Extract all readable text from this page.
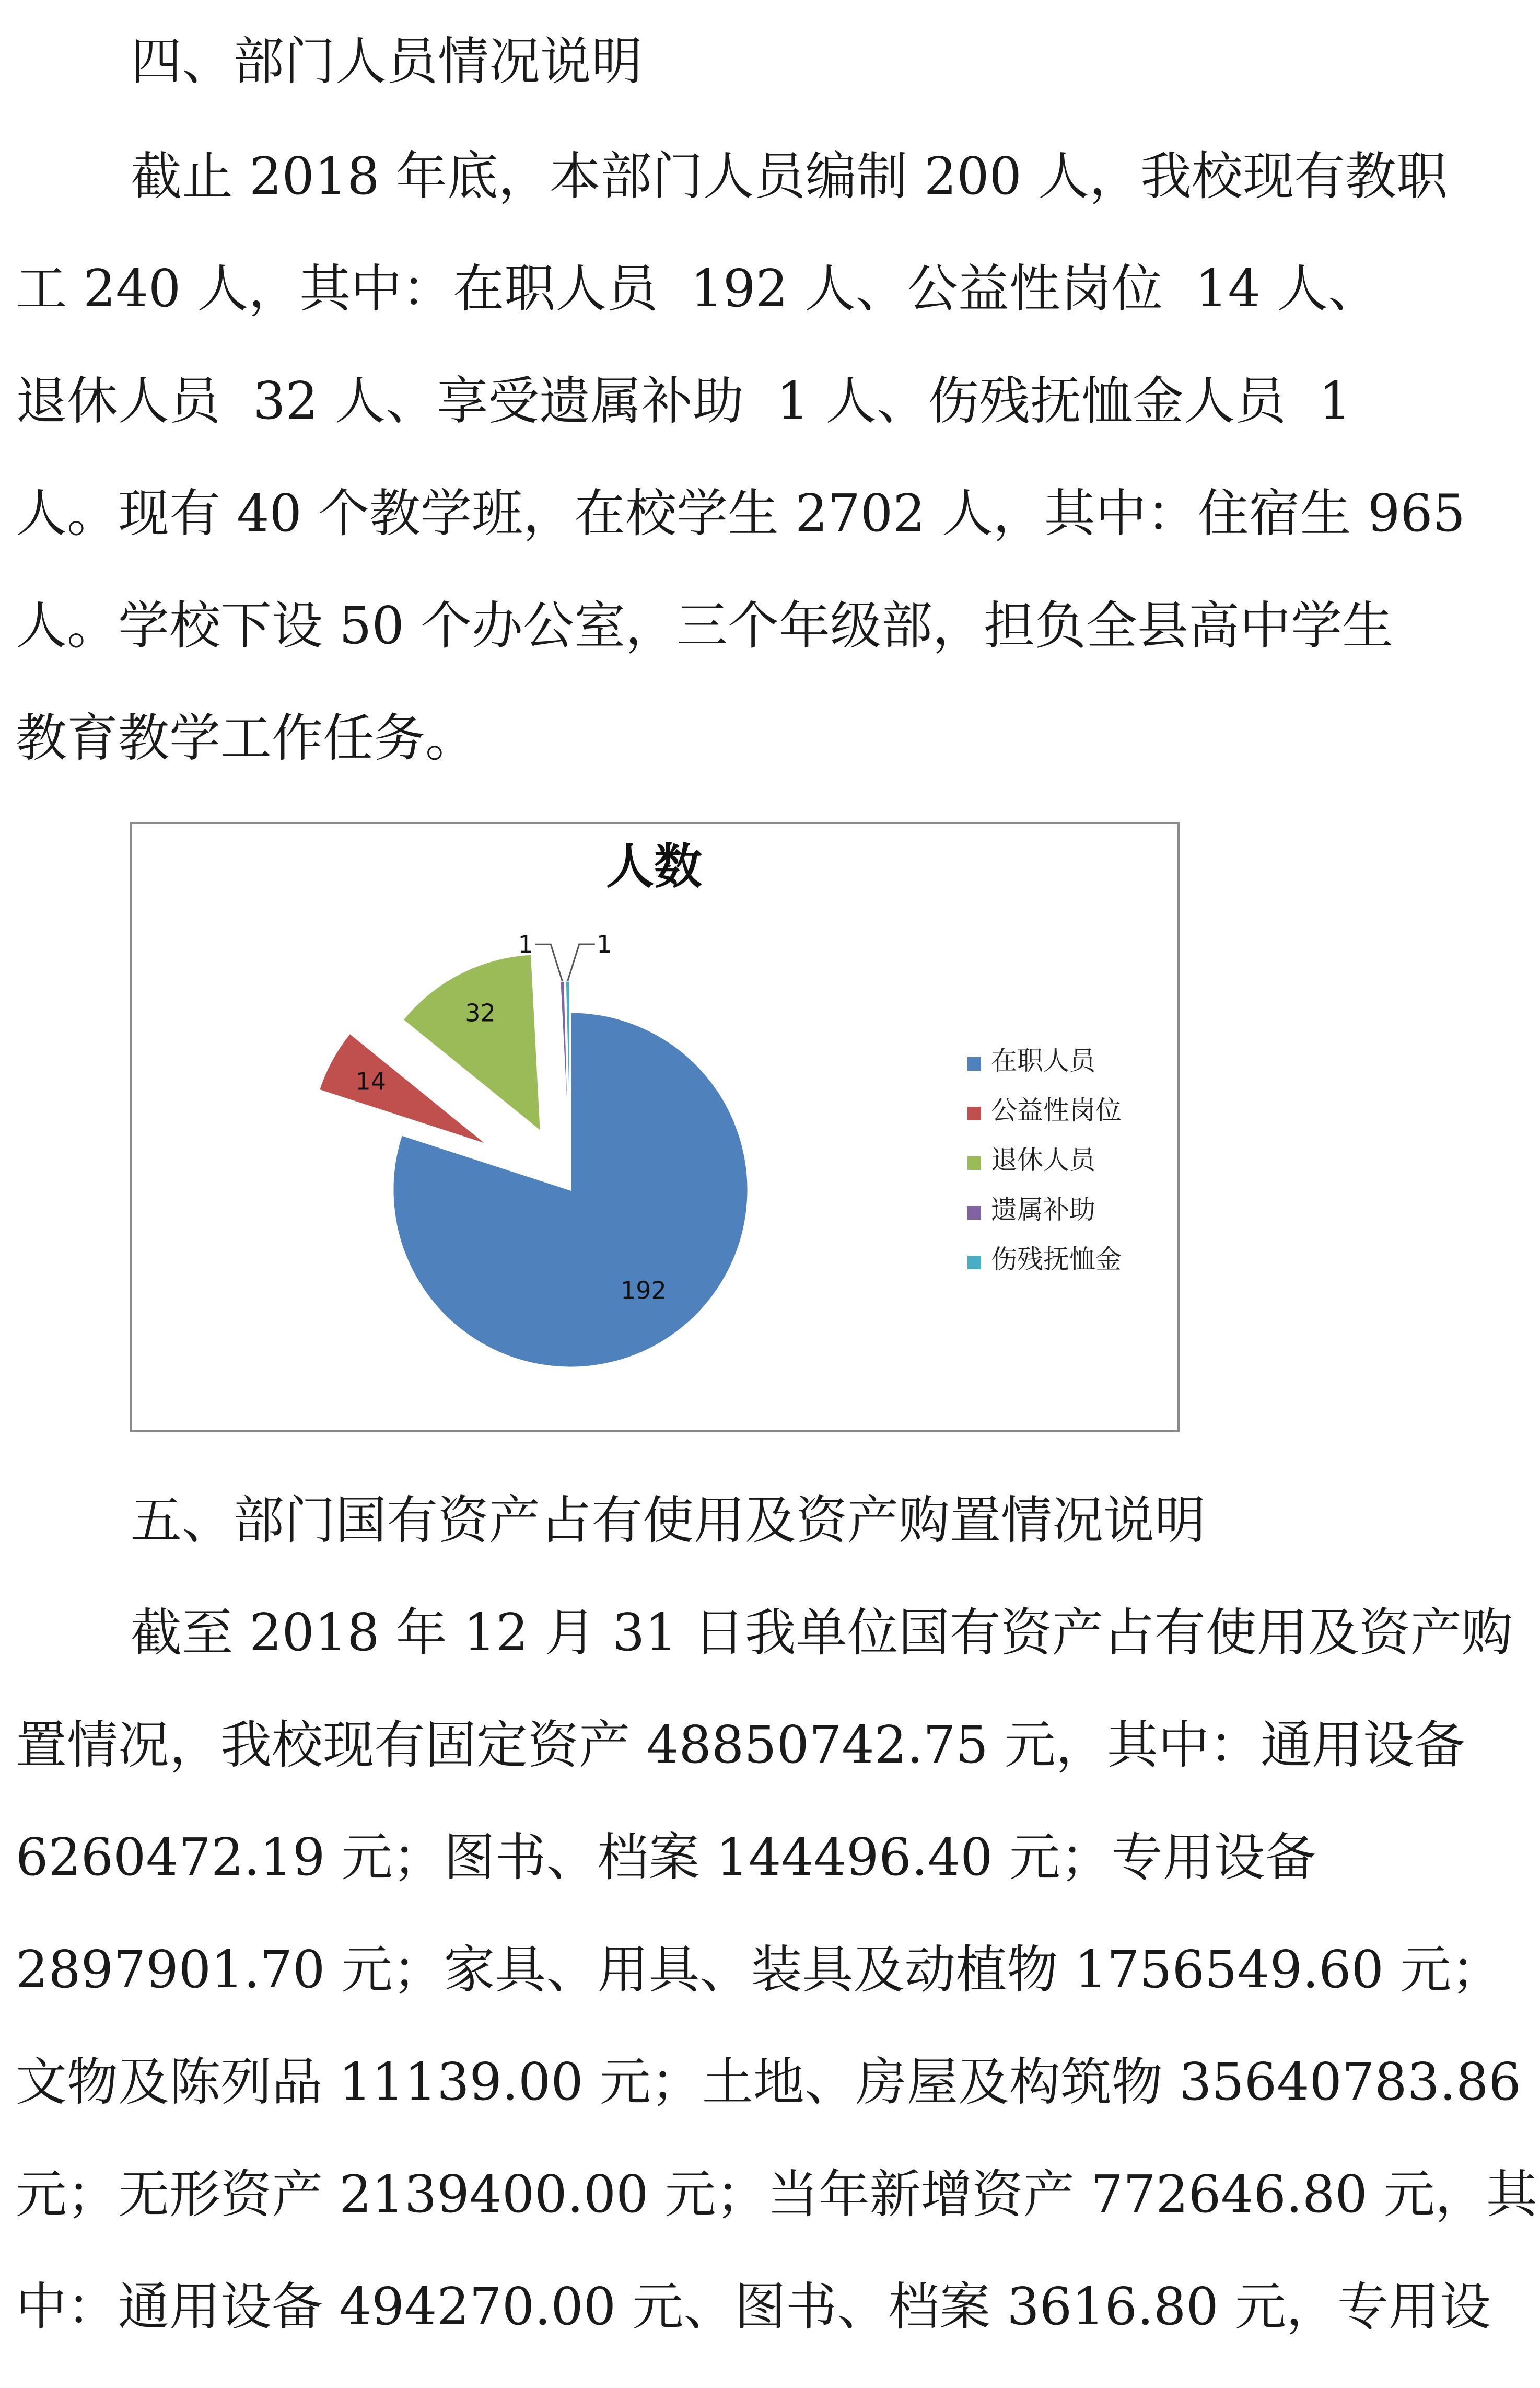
四、部门人员情况说明
截止 2018 年底，本部门人员编制 200 人，我校现有教职
工 240 人，其中：在职人员  192 人、公益性岗位  14 人、
退休人员  32 人、享受遗属补助  1 人、伤残抚恤金人员  1
人。现有 40 个教学班，在校学生 2702 人，其中：住宿生 965
人。学校下设 50 个办公室，三个年级部，担负全县高中学生
教育教学工作任务。
人数
192
14
32
1	1
在职人员
公益性岗位
退休人员
遗属补助
伤残抚恤金
五、部门国有资产占有使用及资产购置情况说明
截至 2018 年 12 月 31 日我单位国有资产占有使用及资产购
置情况，我校现有固定资产 48850742.75 元，其中：通用设备
6260472.19 元；图书、档案 144496.40 元；专用设备
2897901.70 元；家具、用具、装具及动植物 1756549.60 元；
文物及陈列品 11139.00 元；土地、房屋及构筑物 35640783.86
元；无形资产 2139400.00 元；当年新增资产 772646.80 元，其
中：通用设备 494270.00 元、图书、档案 3616.80 元，专用设
